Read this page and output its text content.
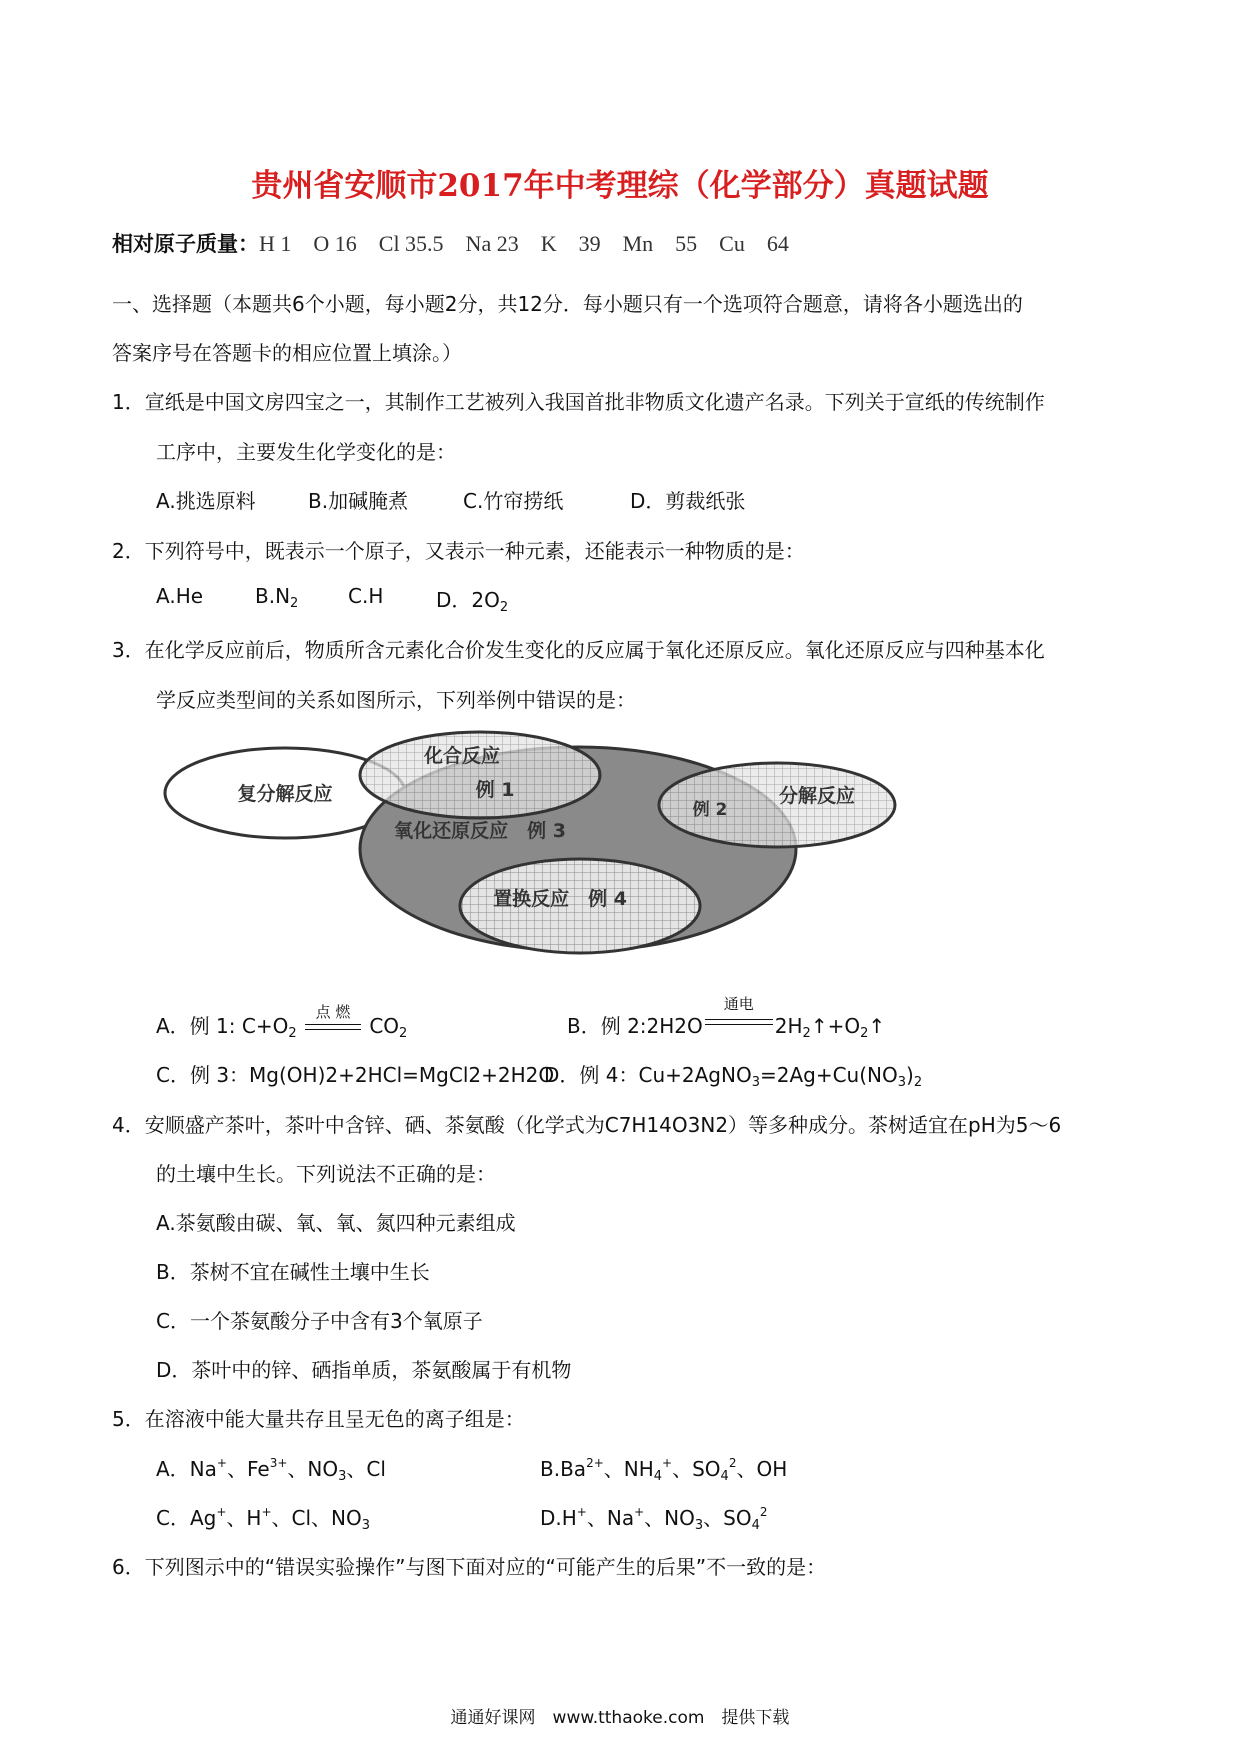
贵州省安顺市2017年中考理综（化学部分）真题试题
相对原子质量：H 1    O 16    Cl 35.5    Na 23    K    39    Mn    55    Cu    64
一、选择题（本题共6个小题，每小题2分，共12分．每小题只有一个选项符合题意，请将各小题选出的
答案序号在答题卡的相应位置上填涂。）
1．宣纸是中国文房四宝之一，其制作工艺被列入我国首批非物质文化遗产名录。下列关于宣纸的传统制作
工序中，主要发生化学变化的是：
A.挑选原料	B.加碱腌煮	C.竹帘捞纸	D．剪裁纸张
2．下列符号中，既表示一个原子，又表示一种元素，还能表示一种物质的是：
A.He	$B.N_2$ C.H	D．$2O_2$
3．在化学反应前后，物质所含元素化合价发生变化的反应属于氧化还原反应。氧化还原反应与四种基本化
学反应类型间的关系如图所示，下列举例中错误的是：
复分解反应
化合反应
例 1	分解反应
例 2
氧化还原反应　例 3
置换反应　例 4
A．例 1: $C+O_2$
点 燃
$CO_2$	B．例 2:2H2O
通电
$2H_2↑+O_2↑$
C．例 3：Mg(OH)2+2HCl=MgCl2+2H2O
D．例 4：$Cu+2AgNO_3=2Ag+Cu(NO_3)_2$
4．安顺盛产茶叶，茶叶中含锌、硒、茶氨酸（化学式为C7H14O3N2）等多种成分。茶树适宜在pH为5～6
的土壤中生长。下列说法不正确的是：
A.茶氨酸由碳、氧、氧、氮四种元素组成
B．茶树不宜在碱性土壤中生长
C．一个茶氨酸分子中含有3个氧原子
D．茶叶中的锌、硒指单质，茶氨酸属于有机物
5．在溶液中能大量共存且呈无色的离子组是：
A．Na+、$Fe^{3+}$、$NO_3$、Cl	$B.Ba^{2+}$、$NH_4^+$、$SO_4^2$、OH
C．Ag+、H+、Cl、$NO_3$	D.H+、Na+、$NO_3$、$SO_4^2$
6．下列图示中的“错误实验操作”与图下面对应的“可能产生的后果”不一致的是：
通通好课网　www.tthaoke.com　提供下载
